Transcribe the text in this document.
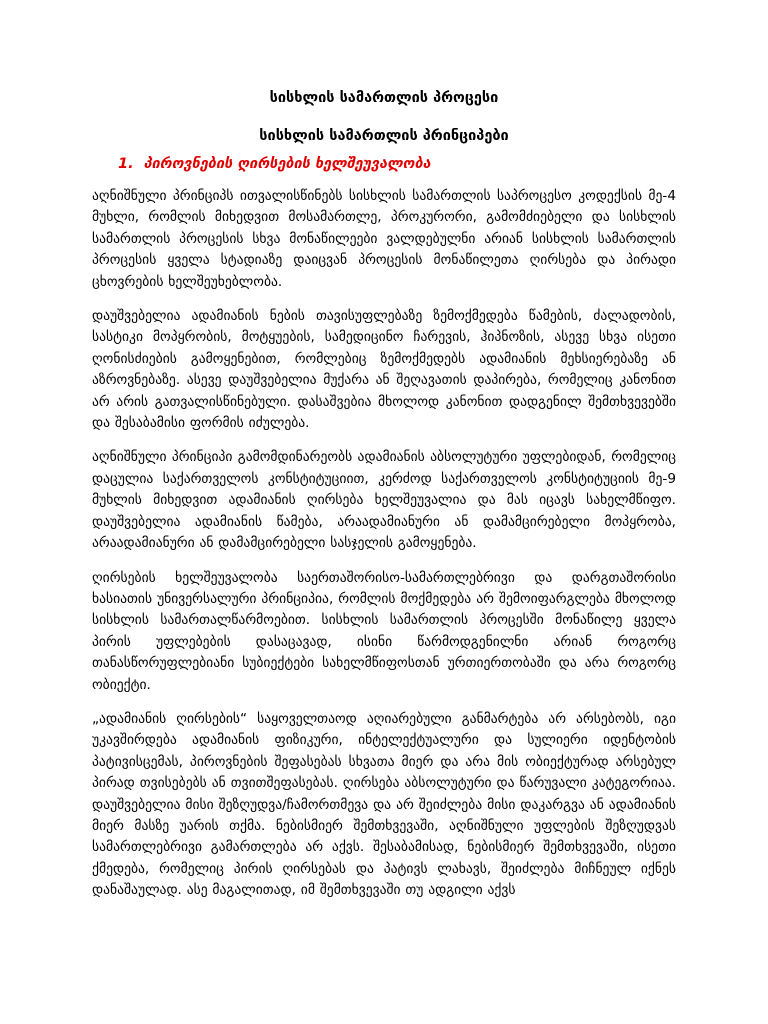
სისხლის სამართლის პროცესი
სისხლის სამართლის პრინციპები
1. პიროვნების ღირსების ხელშეუვალობა

აღნიშნული პრინციპს ითვალისწინებს სისხლის სამართლის საპროცესო კოდექსის მე-4 მუხლი, რომლის მიხედვით მოსამართლე, პროკურორი, გამომძიებელი და სისხლის სამართლის პროცესის სხვა მონაწილეები ვალდებულნი არიან სისხლის სამართლის პროცესის ყველა სტადიაზე დაიცვან პროცესის მონაწილეთა ღირსება და პირადი ცხოვრების ხელშეუხებლობა.

დაუშვებელია ადამიანის ნების თავისუფლებაზე ზემოქმედება წამების, ძალადობის, სასტიკი მოპყრობის, მოტყუების, სამედიცინო ჩარევის, ჰიპნოზის, ასევე სხვა ისეთი ღონისძიების გამოყენებით, რომლებიც ზემოქმედებს ადამიანის მეხსიერებაზე ან აზროვნებაზე. ასევე დაუშვებელია მუქარა ან შეღავათის დაპირება, რომელიც კანონით არ არის გათვალისწინებული. დასაშვებია მხოლოდ კანონით დადგენილ შემთხვევებში და შესაბამისი ფორმის იძულება.

აღნიშნული პრინციპი გამომდინარეობს ადამიანის აბსოლუტური უფლებიდან, რომელიც დაცულია საქართველოს კონსტიტუციით, კერძოდ საქართველოს კონსტიტუციის მე-9 მუხლის მიხედვით ადამიანის ღირსება ხელშეუვალია და მას იცავს სახელმწიფო. დაუშვებელია ადამიანის წამება, არაადამიანური ან დამამცირებელი მოპყრობა, არაადამიანური ან დამამცირებელი სასჯელის გამოყენება.

ღირსების ხელშეუვალობა საერთაშორისო-სამართლებრივი და დარგთაშორისი ხასიათის უნივერსალური პრინციპია, რომლის მოქმედება არ შემოიფარგლება მხოლოდ სისხლის სამართალწარმოებით. სისხლის სამართლის პროცესში მონაწილე ყველა პირის უფლებების დასაცავად, ისინი წარმოდგენილნი არიან როგორც თანასწორუფლებიანი სუბიექტები სახელმწიფოსთან ურთიერთობაში და არა როგორც ობიექტი.

„ადამიანის ღირსების“ საყოველთაოდ აღიარებული განმარტება არ არსებობს, იგი უკავშირდება ადამიანის ფიზიკური, ინტელექტუალური და სულიერი იდენტობის პატივისცემას, პიროვნების შეფასებას სხვათა მიერ და არა მის ობიექტურად არსებულ პირად თვისებებს ან თვითშეფასებას. ღირსება აბსოლუტური და წარუვალი კატეგორიაა. დაუშვებელია მისი შეზღუდვა/ჩამორთმევა და არ შეიძლება მისი დაკარგვა ან ადამიანის მიერ მასზე უარის თქმა. ნებისმიერ შემთხვევაში, აღნიშნული უფლების შეზღუდვას სამართლებრივი გამართლება არ აქვს. შესაბამისად, ნებისმიერ შემთხვევაში, ისეთი ქმედება, რომელიც პირის ღირსებას და პატივს ლახავს, შეიძლება მიჩნეულ იქნეს დანაშაულად. ასე მაგალითად, იმ შემთხვევაში თუ ადგილი აქვს
